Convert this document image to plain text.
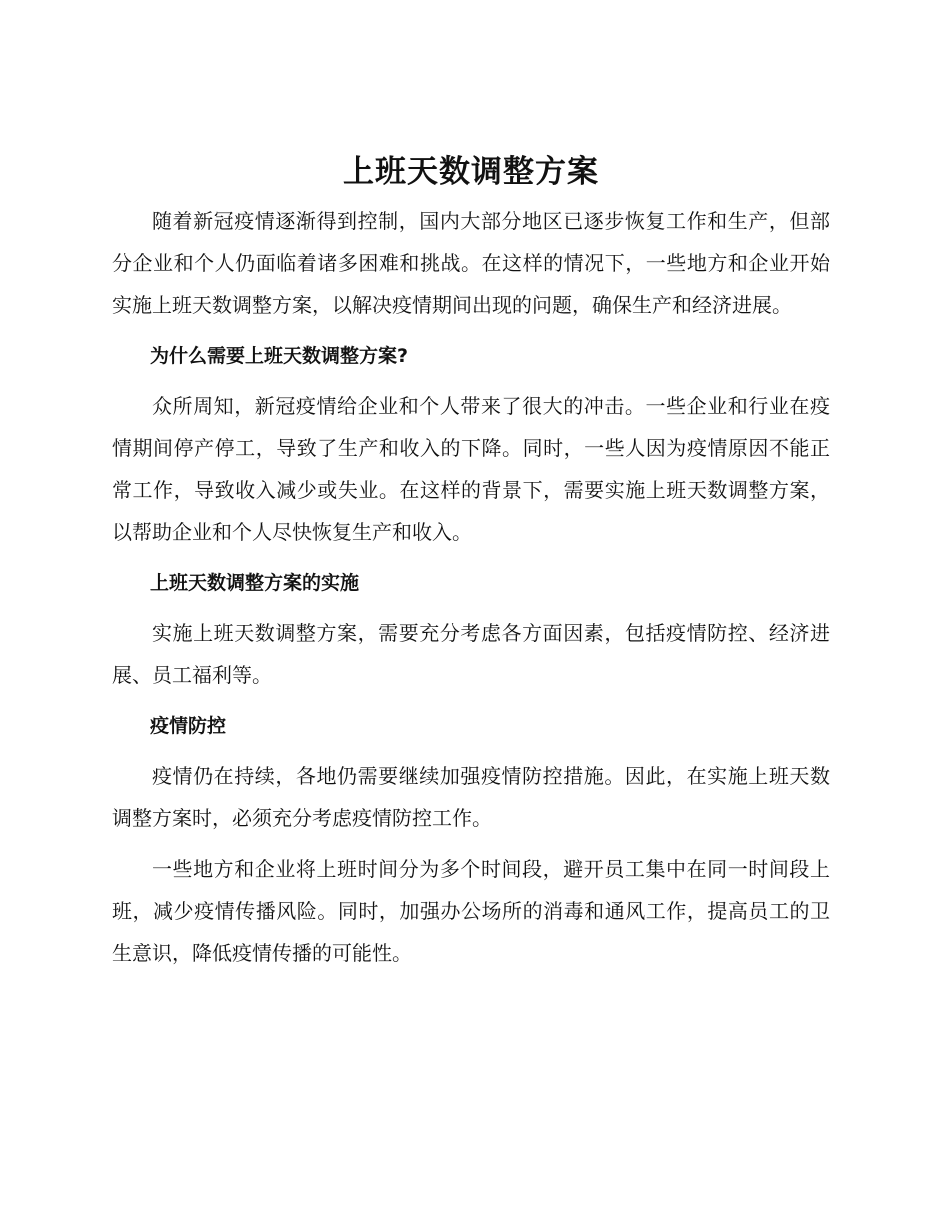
上班天数调整方案

随着新冠疫情逐渐得到控制，国内大部分地区已逐步恢复工作和生产，但部分企业和个人仍面临着诸多困难和挑战。在这样的情况下，一些地方和企业开始实施上班天数调整方案，以解决疫情期间出现的问题，确保生产和经济进展。

为什么需要上班天数调整方案?

众所周知，新冠疫情给企业和个人带来了很大的冲击。一些企业和行业在疫情期间停产停工，导致了生产和收入的下降。同时，一些人因为疫情原因不能正常工作，导致收入减少或失业。在这样的背景下，需要实施上班天数调整方案，以帮助企业和个人尽快恢复生产和收入。

上班天数调整方案的实施

实施上班天数调整方案，需要充分考虑各方面因素，包括疫情防控、经济进展、员工福利等。

疫情防控

疫情仍在持续，各地仍需要继续加强疫情防控措施。因此，在实施上班天数调整方案时，必须充分考虑疫情防控工作。

一些地方和企业将上班时间分为多个时间段，避开员工集中在同一时间段上班，减少疫情传播风险。同时，加强办公场所的消毒和通风工作，提高员工的卫生意识，降低疫情传播的可能性。
